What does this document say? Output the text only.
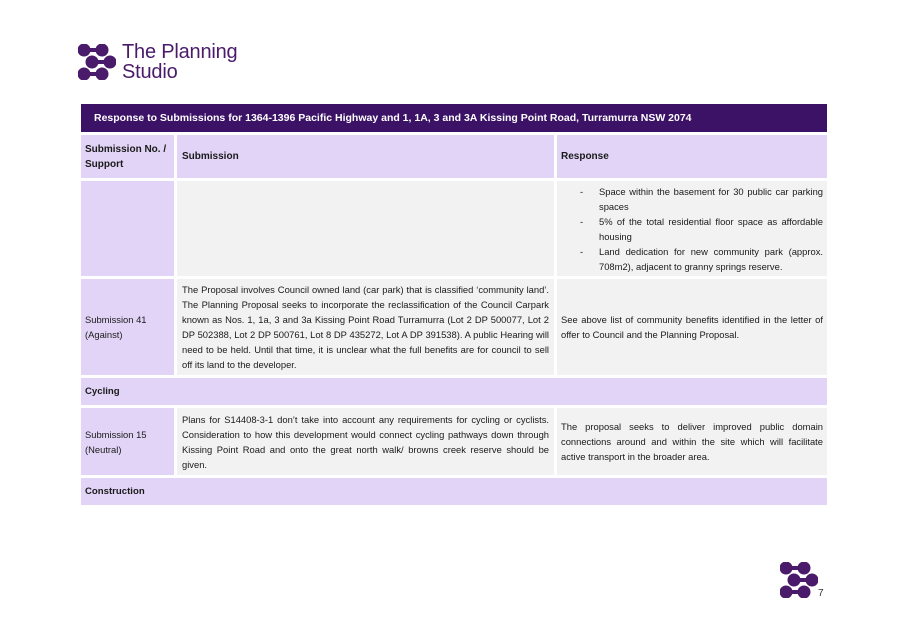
The Planning
Studio
Response to Submissions for 1364-1396 Pacific Highway and 1, 1A, 3 and 3A Kissing Point Road, Turramurra NSW 2074
Submission No. / Support
Submission	Response
- Space within the basement for 30 public car parking spaces
- 5% of the total residential floor space as affordable housing
- Land dedication for new community park (approx. 708m2), adjacent to granny springs reserve.
Submission 41 (Against)
The Proposal involves Council owned land (car park) that is classified ‘community land’. The Planning Proposal seeks to incorporate the reclassification of the Council Carpark known as Nos. 1, 1a, 3 and 3a Kissing Point Road Turramurra (Lot 2 DP 500077, Lot 2 DP 502388, Lot 2 DP 500761, Lot 8 DP 435272, Lot A DP 391538). A public Hearing will need to be held. Until that time, it is unclear what the full benefits are for council to sell off its land to the developer.
See above list of community benefits identified in the letter of offer to Council and the Planning Proposal.
Cycling
Submission 15 (Neutral)
Plans for S14408-3-1 don’t take into account any requirements for cycling or cyclists. Consideration to how this development would connect cycling pathways down through Kissing Point Road and onto the great north walk/ browns creek reserve should be given.
The proposal seeks to deliver improved public domain connections around and within the site which will facilitate active transport in the broader area.
Construction
7
